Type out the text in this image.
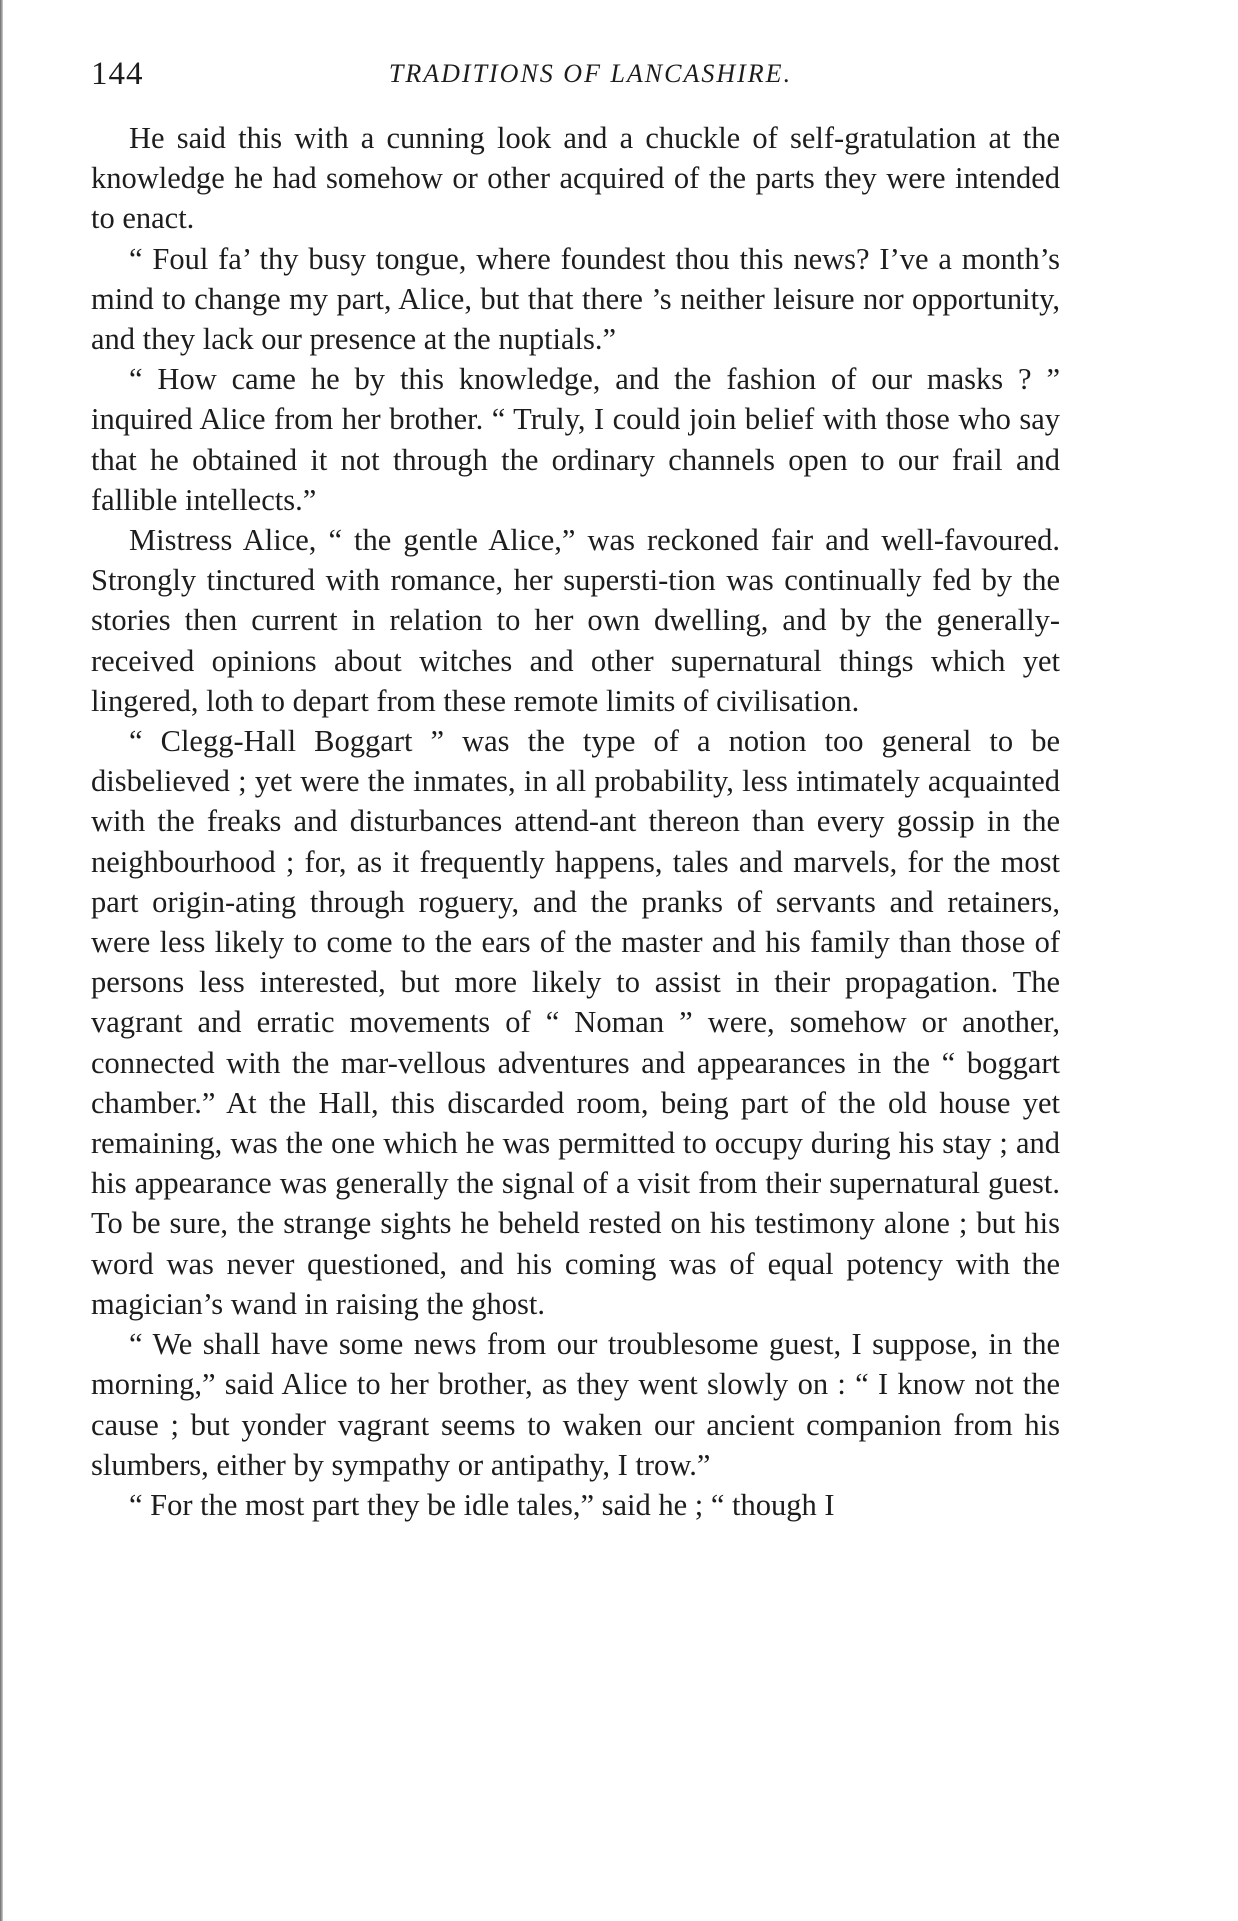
144	TRADITIONS OF LANCASHIRE.

He said this with a cunning look and a chuckle of self-gratulation at the knowledge he had somehow or other acquired of the parts they were intended to enact.

“ Foul fa’ thy busy tongue, where foundest thou this news? I’ve a month’s mind to change my part, Alice, but that there ’s neither leisure nor opportunity, and they lack our presence at the nuptials.”

“ How came he by this knowledge, and the fashion of our masks ? ” inquired Alice from her brother. “ Truly, I could join belief with those who say that he obtained it not through the ordinary channels open to our frail and fallible intellects.”

Mistress Alice, “ the gentle Alice,” was reckoned fair and well-favoured. Strongly tinctured with romance, her supersti-tion was continually fed by the stories then current in relation to her own dwelling, and by the generally-received opinions about witches and other supernatural things which yet lingered, loth to depart from these remote limits of civilisation.

“ Clegg-Hall Boggart ” was the type of a notion too general to be disbelieved ; yet were the inmates, in all probability, less intimately acquainted with the freaks and disturbances attend-ant thereon than every gossip in the neighbourhood ; for, as it frequently happens, tales and marvels, for the most part origin-ating through roguery, and the pranks of servants and retainers, were less likely to come to the ears of the master and his family than those of persons less interested, but more likely to assist in their propagation. The vagrant and erratic movements of “ Noman ” were, somehow or another, connected with the mar-vellous adventures and appearances in the “ boggart chamber.” At the Hall, this discarded room, being part of the old house yet remaining, was the one which he was permitted to occupy during his stay ; and his appearance was generally the signal of a visit from their supernatural guest. To be sure, the strange sights he beheld rested on his testimony alone ; but his word was never questioned, and his coming was of equal potency with the magician’s wand in raising the ghost.

“ We shall have some news from our troublesome guest, I suppose, in the morning,” said Alice to her brother, as they went slowly on : “ I know not the cause ; but yonder vagrant seems to waken our ancient companion from his slumbers, either by sympathy or antipathy, I trow.”

“ For the most part they be idle tales,” said he ; “ though I
